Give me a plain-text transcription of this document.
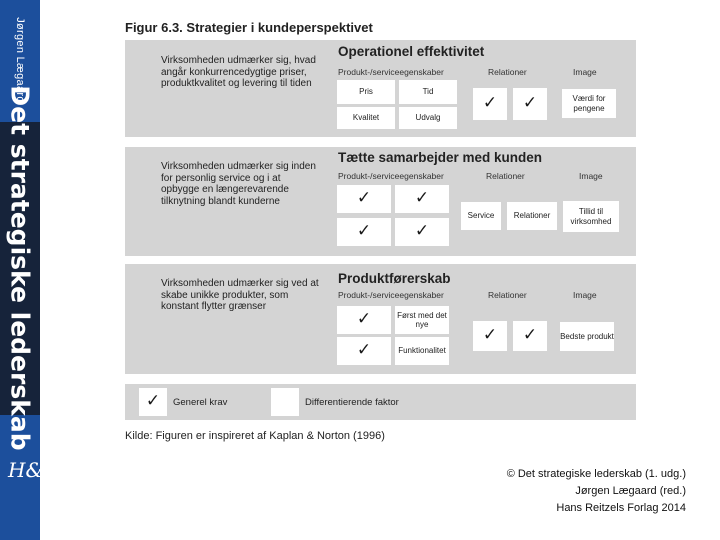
Jørgen Lægaard
Det strategiske lederskab
H&R
Figur 6.3. Strategier i kundeperspektivet
Virksomheden udmærker sig, hvad angår konkurrencedygtige priser, produktkvalitet og levering til tiden
Operationel effektivitet
Produkt-/serviceegenskaber	Relationer	Image
Pris	Tid
Kvalitet	Udvalg
✓	✓	Værdi for pengene
Virksomheden udmærker sig inden for personlig service og i at opbygge en længerevarende tilknytning blandt kunderne
Tætte samarbejder med kunden
Produkt-/serviceegenskaber	Relationer	Image
✓	✓
✓	✓
Service	Relationer	Tillid til virksomhed
Virksomheden udmærker sig ved at skabe unikke produkter, som konstant flytter grænser
Produktførerskab
Produkt-/serviceegenskaber	Relationer	Image
✓	Først med det nye
✓	Funktionalitet
✓	✓	Bedste produkt
✓	Generel krav	Differentierende faktor
Kilde: Figuren er inspireret af Kaplan & Norton (1996)
© Det strategiske lederskab (1. udg.)
Jørgen Lægaard (red.)
Hans Reitzels Forlag 2014
